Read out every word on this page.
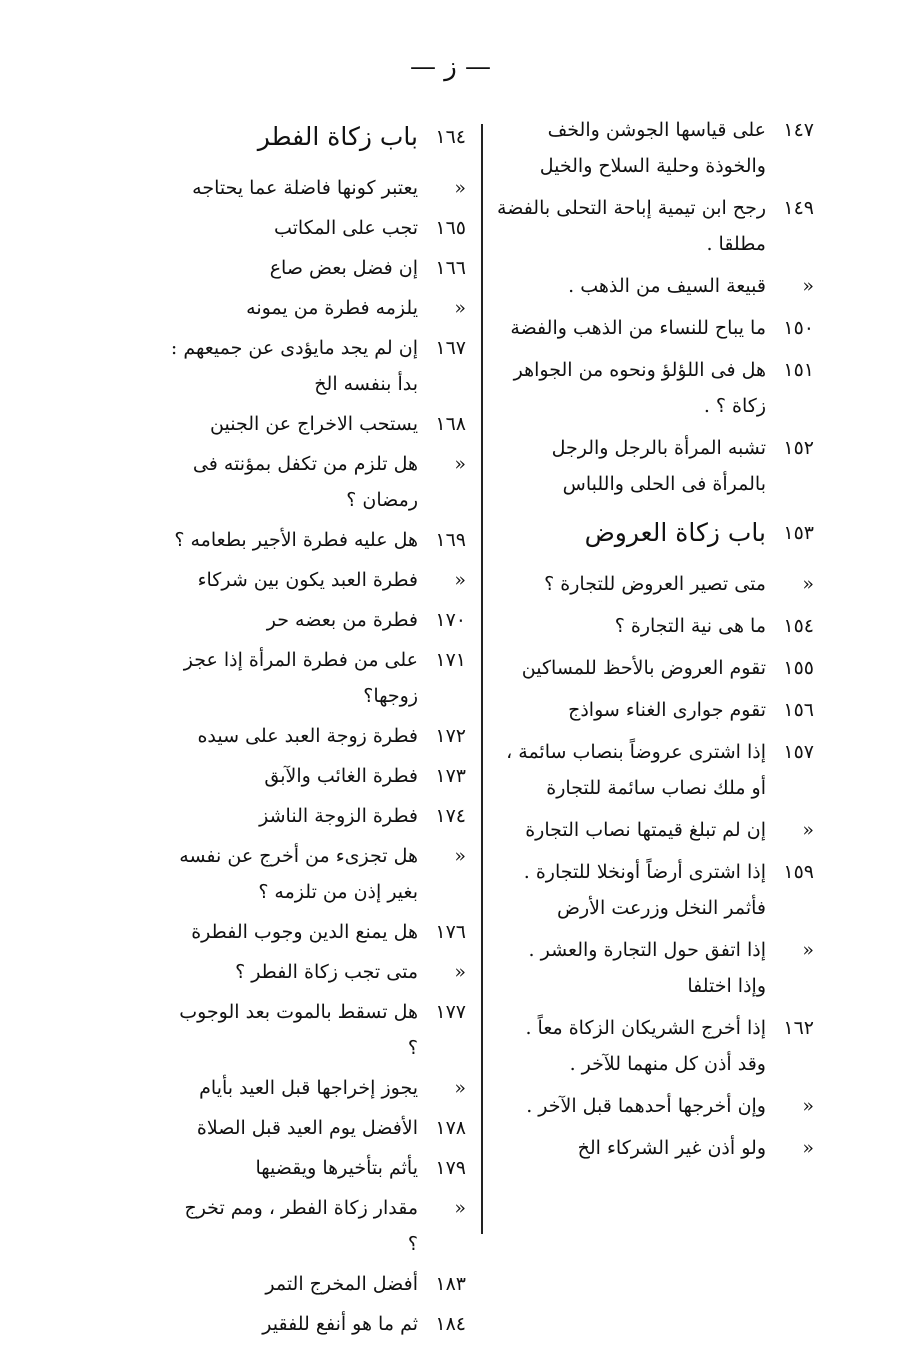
— ز —
١٤٧
على قياسها الجوشن والخف والخوذة وحلية السلاح والخيل
١٤٩
رجح ابن تيمية إباحة التحلى بالفضة مطلقا .
«
قبيعة السيف من الذهب .
١٥٠
ما يباح للنساء من الذهب والفضة
١٥١
هل فى اللؤلؤ ونحوه من الجواهر زكاة ؟ .
١٥٢
تشبه المرأة بالرجل والرجل بالمرأة فى الحلى واللباس
١٥٣
باب زكاة العروض
«
متى تصير العروض للتجارة ؟
١٥٤
ما هى نية التجارة ؟
١٥٥
تقوم العروض بالأحظ للمساكين
١٥٦
تقوم جوارى الغناء سواذج
١٥٧
إذا اشترى عروضاً بنصاب سائمة ، أو ملك نصاب سائمة للتجارة
«
إن لم تبلغ قيمتها نصاب التجارة
١٥٩
إذا اشترى أرضاً أونخلا للتجارة . فأثمر النخل وزرعت الأرض
«
إذا اتفق حول التجارة والعشر . وإذا اختلفا
١٦٢
إذا أخرج الشريكان الزكاة معاً . وقد أذن كل منهما للآخر .
«
وإن أخرجها أحدهما قبل الآخر .
«
ولو أذن غير الشركاء الخ
١٦٤
باب زكاة الفطر
«
يعتبر كونها فاضلة عما يحتاجه
١٦٥
تجب على المكاتب
١٦٦
إن فضل بعض صاع
«
يلزمه فطرة من يمونه
١٦٧
إن لم يجد مايؤدى عن جميعهم : بدأ بنفسه الخ
١٦٨
يستحب الاخراج عن الجنين
«
هل تلزم من تكفل بمؤنته فى رمضان ؟
١٦٩
هل عليه فطرة الأجير بطعامه ؟
«
فطرة العبد يكون بين شركاء
١٧٠
فطرة من بعضه حر
١٧١
على من فطرة المرأة إذا عجز زوجها؟
١٧٢
فطرة زوجة العبد على سيده
١٧٣
فطرة الغائب والآبق
١٧٤
فطرة الزوجة الناشز
«
هل تجزىء من أخرج عن نفسه بغير إذن من تلزمه ؟
١٧٦
هل يمنع الدين وجوب الفطرة
«
متى تجب زكاة الفطر ؟
١٧٧
هل تسقط بالموت بعد الوجوب ؟
«
يجوز إخراجها قبل العيد بأيام
١٧٨
الأفضل يوم العيد قبل الصلاة
١٧٩
يأثم بتأخيرها ويقضيها
«
مقدار زكاة الفطر ، ومم تخرج ؟
١٨٣
أفضل المخرج التمر
١٨٤
ثم ما هو أنفع للفقير
